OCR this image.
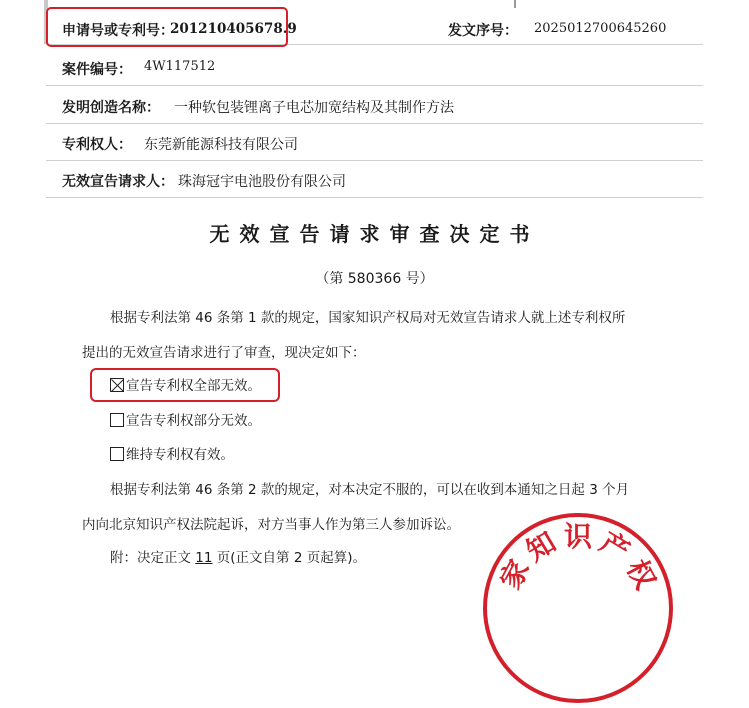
申请号或专利号：
201210405678.9	发文序号： 2025012700645260
案件编号： 4W117512
发明创造名称： 一种软包装锂离子电芯加宽结构及其制作方法
专利权人： 东莞新能源科技有限公司
无效宣告请求人： 珠海冠宇电池股份有限公司
无效宣告请求审查决定书
（第 580366 号）
根据专利法第 46 条第 1 款的规定，国家知识产权局对无效宣告请求人就上述专利权所
提出的无效宣告请求进行了审查，现决定如下：
宣告专利权全部无效。
宣告专利权部分无效。
维持专利权有效。
根据专利法第 46 条第 2 款的规定，对本决定不服的，可以在收到本通知之日起 3 个月
内向北京知识产权法院起诉，对方当事人作为第三人参加诉讼。
附：决定正文 11 页(正文自第 2 页起算)。	家
知 识 产
权
